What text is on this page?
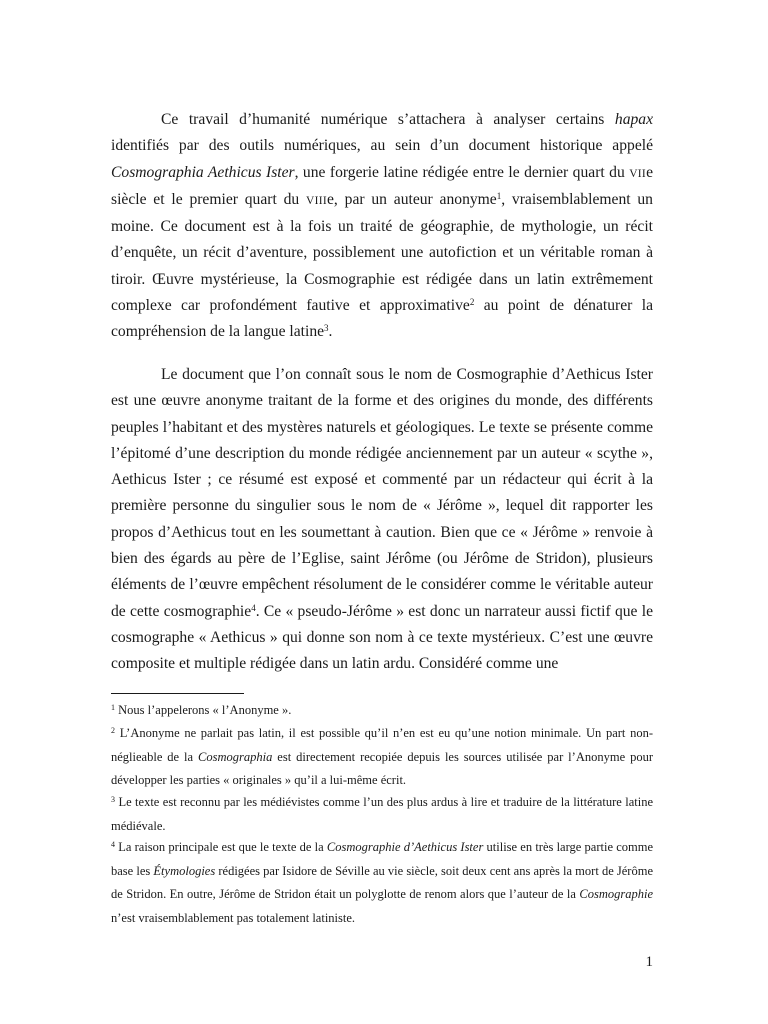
Ce travail d’humanité numérique s’attachera à analyser certains hapax identifiés par des outils numériques, au sein d’un document historique appelé Cosmographia Aethicus Ister, une forgerie latine rédigée entre le dernier quart du VIIe siècle et le premier quart du VIIIe, par un auteur anonyme$^1$, vraisemblablement un moine. Ce document est à la fois un traité de géographie, de mythologie, un récit d’enquête, un récit d’aventure, possiblement une autofiction et un véritable roman à tiroir. Œuvre mystérieuse, la Cosmographie est rédigée dans un latin extrêmement complexe car profondément fautive et approximative$^2$ au point de dénaturer la compréhension de la langue latine$^3$.

Le document que l’on connaît sous le nom de Cosmographie d’Aethicus Ister est une œuvre anonyme traitant de la forme et des origines du monde, des différents peuples l’habitant et des mystères naturels et géologiques. Le texte se présente comme l’épitomé d’une description du monde rédigée anciennement par un auteur « scythe », Aethicus Ister ; ce résumé est exposé et commenté par un rédacteur qui écrit à la première personne du singulier sous le nom de « Jérôme », lequel dit rapporter les propos d’Aethicus tout en les soumettant à caution. Bien que ce « Jérôme » renvoie à bien des égards au père de l’Eglise, saint Jérôme (ou Jérôme de Stridon), plusieurs éléments de l’œuvre empêchent résolument de le considérer comme le véritable auteur de cette cosmographie$^4$. Ce « pseudo-Jérôme » est donc un narrateur aussi fictif que le cosmographe « Aethicus » qui donne son nom à ce texte mystérieux. C’est une œuvre composite et multiple rédigée dans un latin ardu. Considéré comme une

$^1$ Nous l’appelerons « l’Anonyme ».

$^2$ L’Anonyme ne parlait pas latin, il est possible qu’il n’en est eu qu’une notion minimale. Un part non-néglieable de la Cosmographia est directement recopiée depuis les sources utilisée par l’Anonyme pour développer les parties « originales » qu’il a lui-même écrit.

$^3$ Le texte est reconnu par les médiévistes comme l’un des plus ardus à lire et traduire de la littérature latine médiévale.

$^4$ La raison principale est que le texte de la Cosmographie d’Aethicus Ister utilise en très large partie comme base les Étymologies rédigées par Isidore de Séville au vie siècle, soit deux cent ans après la mort de Jérôme de Stridon. En outre, Jérôme de Stridon était un polyglotte de renom alors que l’auteur de la Cosmographie n’est vraisemblablement pas totalement latiniste.

1
